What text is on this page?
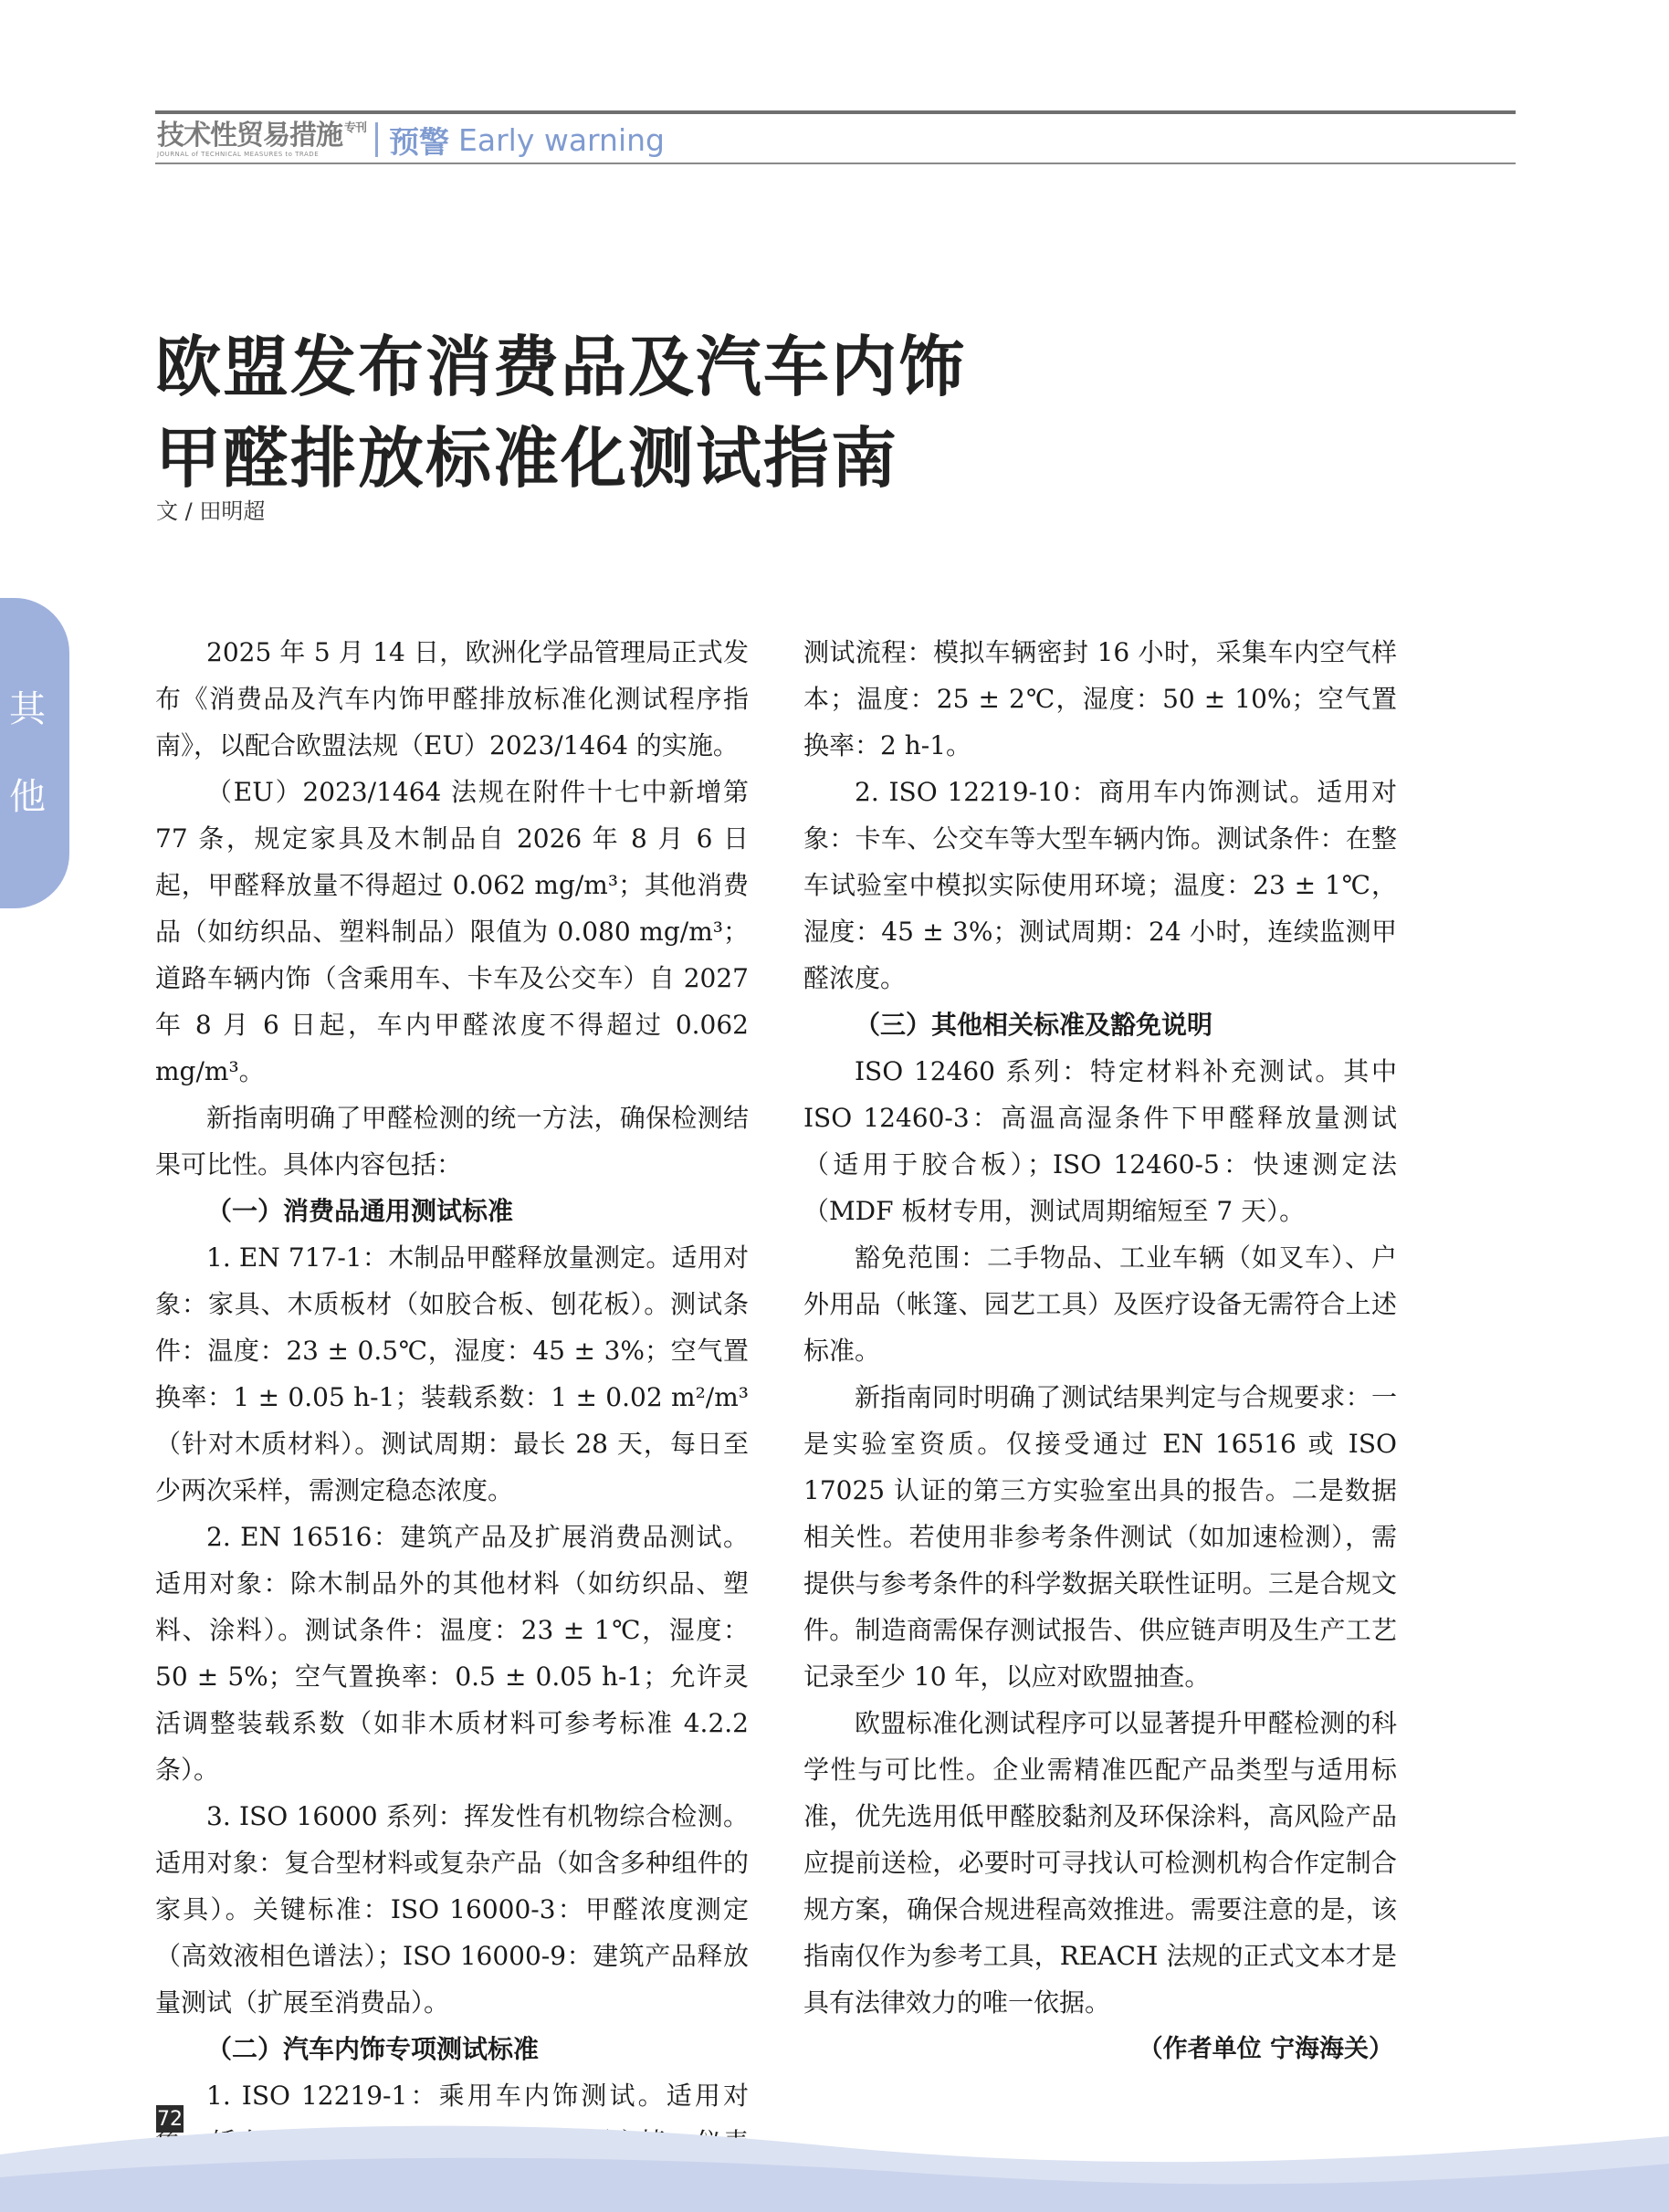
技术性贸易措施 $^{专刊}$
JOURNAL of TECHNICAL MEASURES to TRADE	预警 Early warning
欧盟发布消费品及汽车内饰
甲醛排放标准化测试指南
文 / 田明超
其
他

2025 年 5 月 14 日，欧洲化学品管理局正式发布《消费品及汽车内饰甲醛排放标准化测试程序指南》，以配合欧盟法规（EU）2023/1464 的实施。

（EU）2023/1464 法规在附件十七中新增第 77 条，规定家具及木制品自 2026 年 8 月 6 日起，甲醛释放量不得超过 0.062 mg/m³；其他消费品（如纺织品、塑料制品）限值为 0.080 mg/m³；道路车辆内饰（含乘用车、卡车及公交车）自 2027 年 8 月 6 日起，车内甲醛浓度不得超过 0.062 mg/m³。

新指南明确了甲醛检测的统一方法，确保检测结果可比性。具体内容包括：

（一）消费品通用测试标准

1. EN 717-1：木制品甲醛释放量测定。适用对象：家具、木质板材（如胶合板、刨花板）。测试条件：温度：23 ± 0.5℃，湿度：45 ± 3%；空气置换率：1 ± 0.05 h-1；装载系数：1 ± 0.02 m²/m³（针对木质材料）。测试周期：最长 28 天，每日至少两次采样，需测定稳态浓度。

2. EN 16516：建筑产品及扩展消费品测试。适用对象：除木制品外的其他材料（如纺织品、塑料、涂料）。测试条件：温度：23 ± 1℃，湿度：50 ± 5%；空气置换率：0.5 ± 0.05 h-1；允许灵活调整装载系数（如非木质材料可参考标准 4.2.2 条）。

3. ISO 16000 系列：挥发性有机物综合检测。适用对象：复合型材料或复杂产品（如含多种组件的家具）。关键标准：ISO 16000-3：甲醛浓度测定（高效液相色谱法）；ISO 16000-9：建筑产品释放量测试（扩展至消费品）。

（二）汽车内饰专项测试标准

1. ISO 12219-1：乘用车内饰测试。适用对

测试流程：模拟车辆密封 16 小时，采集车内空气样本；温度：25 ± 2℃，湿度：50 ± 10%；空气置换率：2 h-1。

2. ISO 12219-10：商用车内饰测试。适用对象：卡车、公交车等大型车辆内饰。测试条件：在整车试验室中模拟实际使用环境；温度：23 ± 1℃，湿度：45 ± 3%；测试周期：24 小时，连续监测甲醛浓度。

（三）其他相关标准及豁免说明

ISO 12460 系列：特定材料补充测试。其中 ISO 12460-3：高温高湿条件下甲醛释放量测试（适用于胶合板）；ISO 12460-5：快速测定法（MDF 板材专用，测试周期缩短至 7 天）。

豁免范围：二手物品、工业车辆（如叉车）、户外用品（帐篷、园艺工具）及医疗设备无需符合上述标准。

新指南同时明确了测试结果判定与合规要求：一是实验室资质。仅接受通过 EN 16516 或 ISO 17025 认证的第三方实验室出具的报告。二是数据相关性。若使用非参考条件测试（如加速检测），需提供与参考条件的科学数据关联性证明。三是合规文件。制造商需保存测试报告、供应链声明及生产工艺记录至少 10 年，以应对欧盟抽查。

欧盟标准化测试程序可以显著提升甲醛检测的科学性与可比性。企业需精准匹配产品类型与适用标准，优先选用低甲醛胶黏剂及环保涂料，高风险产品应提前送检，必要时可寻找认可检测机构合作定制合规方案，确保合规进程高效推进。需要注意的是，该指南仅作为参考工具，REACH 法规的正式文本才是具有法律效力的唯一依据。

（作者单位 宁海海关）

72
